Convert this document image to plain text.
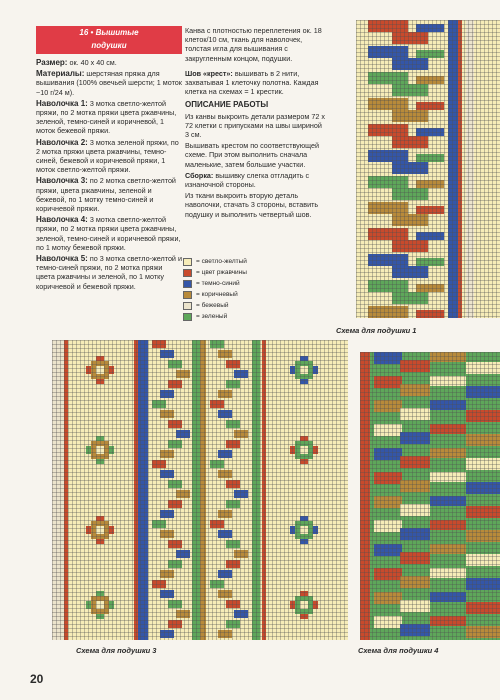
16 • Вышитые
подушки

Размер: ок. 40 х 40 см.

Материалы: шерстяная пряжа для вышивания (100% овечьей шерсти; 1 моток ~10 г/24 м).

Наволочка 1: 3 мотка светло-желтой пряжи, по 2 мотка пряжи цвета ржавчины, зеленой, темно-синей и коричневой, 1 моток бежевой пряжи.

Наволочка 2: 3 мотка зеленой пряжи, по 2 мотка пряжи цвета ржавчины, темно-синей, бежевой и коричневой пряжи, 1 моток светло-желтой пряжи.

Наволочка 3: по 2 мотка светло-желтой пряжи, цвета ржавчины, зеленой и бежевой, по 1 мотку темно-синей и коричневой пряжи.

Наволочка 4: 3 мотка светло-желтой пряжи, по 2 мотка пряжи цвета ржавчины, зеленой, темно-синей и коричневой пряжи, по 1 мотку бежевой пряжи.

Наволочка 5: по 3 мотка светло-желтой и темно-синей пряжи, по 2 мотка пряжи цвета ржавчины и зеленой, по 1 мотку коричневой и бежевой пряжи.

Канва с плотностью переплетения ок. 18 клеток/10 см, ткань для наволочек, толстая игла для вышивания с закругленным концом, подушки.

Шов «крест»: вышивать в 2 нити, захватывая 1 клеточку полотна. Каждая клетка на схемах = 1 крестик.

ОПИСАНИЕ РАБОТЫ

Из канвы выкроить детали размером 72 х 72 клетки с припусками на швы шириной 3 см.

Вышивать крестом по соответствующей схеме. При этом выполнить сначала маленькие, затем большие участки.

Сборка: вышивку слегка отгладить с изнаночной стороны.

Из ткани выкроить вторую деталь наволочки, стачать 3 стороны, вставить подушку и выполнить четвертый шов.

= светло-желтый
= цвет ржавчины
= темно-синий
= коричневый
= бежевый
= зеленый
Схема для подушки 1
Схема для подушки 3	Схема для подушки 4
20
